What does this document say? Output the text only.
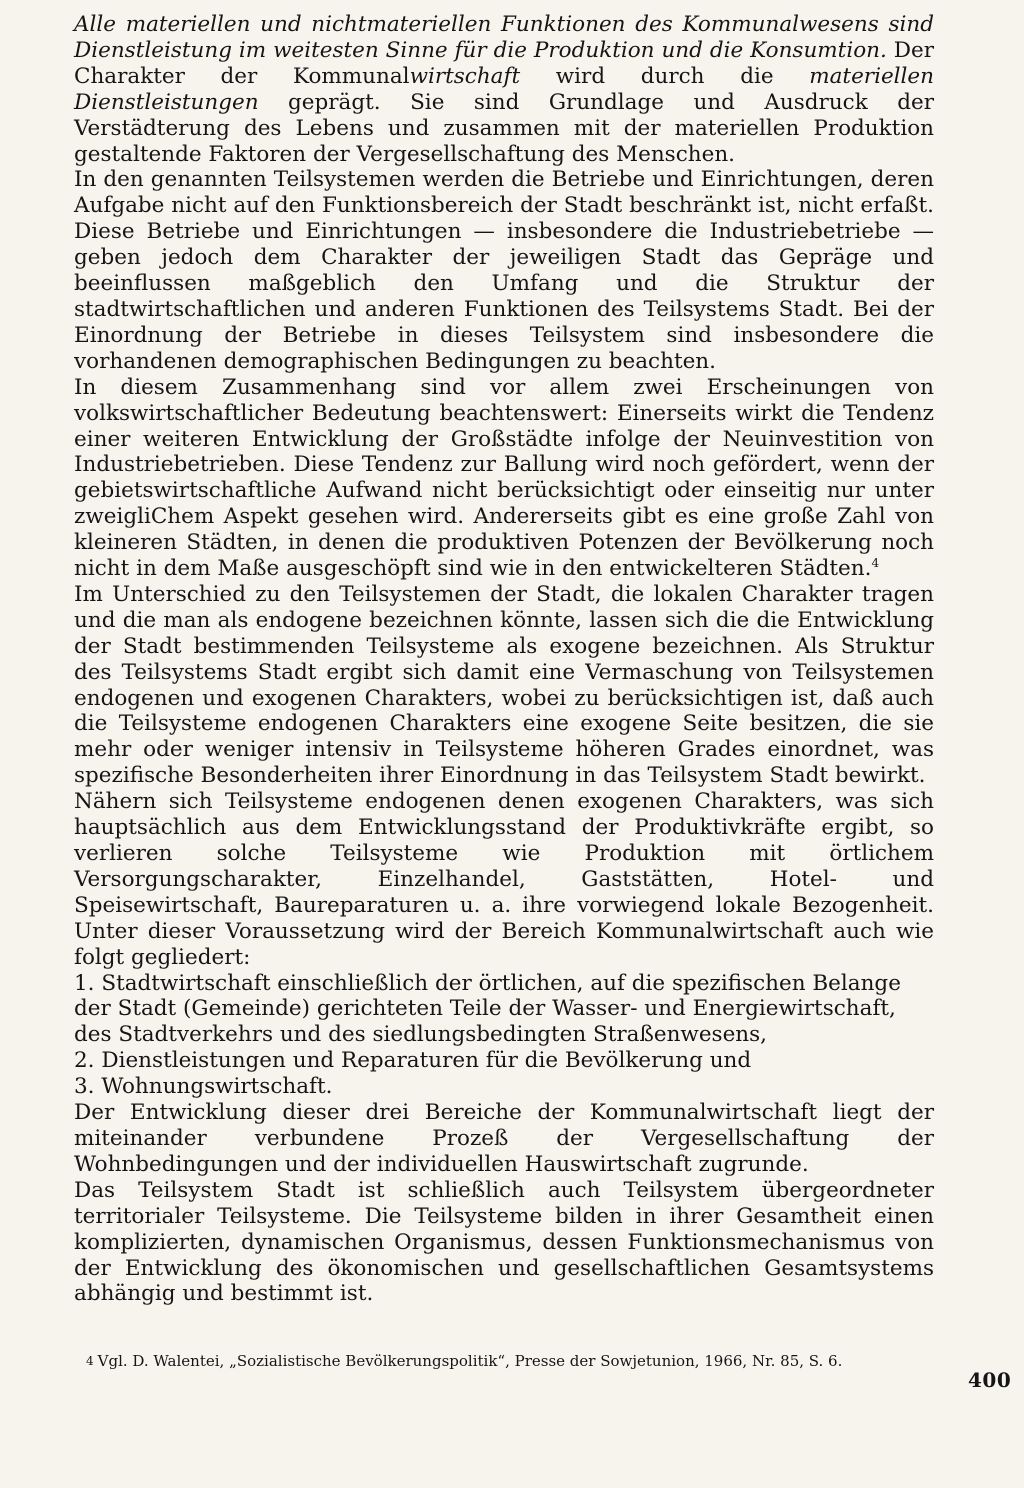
Alle materiellen und nichtmateriellen Funktionen des Kommunalwesens sind Dienstleistung im weitesten Sinne für die Produktion und die Konsumtion. Der Charakter der Kommunalwirtschaft wird durch die materiellen Dienstleistungen geprägt. Sie sind Grundlage und Ausdruck der Verstädterung des Lebens und zusammen mit der materiellen Produktion gestaltende Faktoren der Vergesellschaftung des Menschen.

In den genannten Teilsystemen werden die Betriebe und Einrichtungen, deren Aufgabe nicht auf den Funktionsbereich der Stadt beschränkt ist, nicht erfaßt. Diese Betriebe und Einrichtungen — insbesondere die Industriebetriebe — geben jedoch dem Charakter der jeweiligen Stadt das Gepräge und beeinflussen maßgeblich den Umfang und die Struktur der stadtwirtschaftlichen und anderen Funktionen des Teilsystems Stadt. Bei der Einordnung der Betriebe in dieses Teilsystem sind insbesondere die vorhandenen demographischen Bedingungen zu beachten.

In diesem Zusammenhang sind vor allem zwei Erscheinungen von volkswirtschaftlicher Bedeutung beachtenswert: Einerseits wirkt die Tendenz einer weiteren Entwicklung der Großstädte infolge der Neuinvestition von Industriebetrieben. Diese Tendenz zur Ballung wird noch gefördert, wenn der gebietswirtschaftliche Aufwand nicht berücksichtigt oder einseitig nur unter zweigliChem Aspekt gesehen wird. Andererseits gibt es eine große Zahl von kleineren Städten, in denen die produktiven Potenzen der Bevölkerung noch nicht in dem Maße ausgeschöpft sind wie in den entwickelteren Städten.$^4$

Im Unterschied zu den Teilsystemen der Stadt, die lokalen Charakter tragen und die man als endogene bezeichnen könnte, lassen sich die die Entwicklung der Stadt bestimmenden Teilsysteme als exogene bezeichnen. Als Struktur des Teilsystems Stadt ergibt sich damit eine Vermaschung von Teilsystemen endogenen und exogenen Charakters, wobei zu berücksichtigen ist, daß auch die Teilsysteme endogenen Charakters eine exogene Seite besitzen, die sie mehr oder weniger intensiv in Teilsysteme höheren Grades einordnet, was spezifische Besonderheiten ihrer Einordnung in das Teilsystem Stadt bewirkt.

Nähern sich Teilsysteme endogenen denen exogenen Charakters, was sich hauptsächlich aus dem Entwicklungsstand der Produktivkräfte ergibt, so verlieren solche Teilsysteme wie Produktion mit örtlichem Versorgungscharakter, Einzelhandel, Gaststätten, Hotel- und Speisewirtschaft, Baureparaturen u. a. ihre vorwiegend lokale Bezogenheit. Unter dieser Voraussetzung wird der Bereich Kommunalwirtschaft auch wie folgt gegliedert:

1. Stadtwirtschaft einschließlich der örtlichen, auf die spezifischen Belange der Stadt (Gemeinde) gerichteten Teile der Wasser- und Energiewirtschaft, des Stadtverkehrs und des siedlungsbedingten Straßenwesens,

2. Dienstleistungen und Reparaturen für die Bevölkerung und

3. Wohnungswirtschaft.

Der Entwicklung dieser drei Bereiche der Kommunalwirtschaft liegt der miteinander verbundene Prozeß der Vergesellschaftung der Wohnbedingungen und der individuellen Hauswirtschaft zugrunde.

Das Teilsystem Stadt ist schließlich auch Teilsystem übergeordneter territorialer Teilsysteme. Die Teilsysteme bilden in ihrer Gesamtheit einen komplizierten, dynamischen Organismus, dessen Funktionsmechanismus von der Entwicklung des ökonomischen und gesellschaftlichen Gesamtsystems abhängig und bestimmt ist.

$^4$ Vgl. D. Walentei, „Sozialistische Bevölkerungspolitik“, Presse der Sowjetunion, 1966, Nr. 85, S. 6.
400
